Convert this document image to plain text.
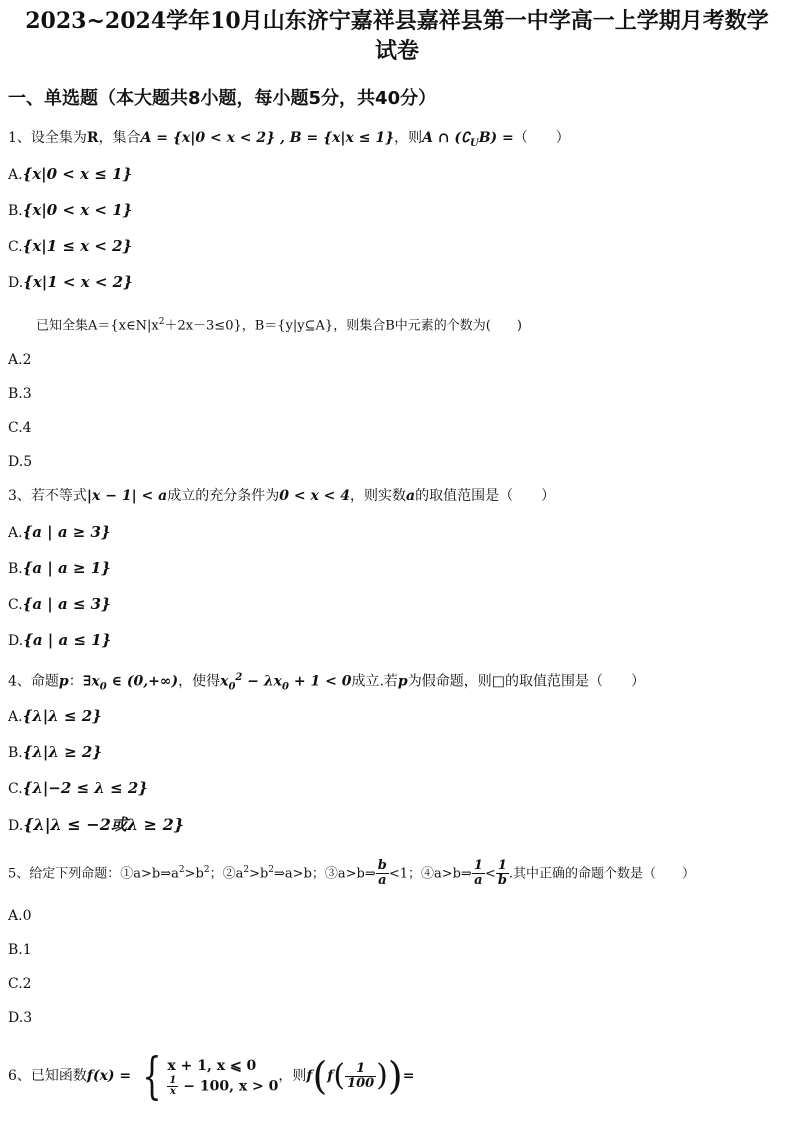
2023~2024学年10月山东济宁嘉祥县嘉祥县第一中学高一上学期月考数学
试卷
一、单选题（本大题共8小题，每小题5分，共40分）
1、设全集为R，集合A = {x|0 < x < 2} , B = {x|x ≤ 1}，则A ∩ $(∁_UB)$ =（　　）
A.{x|0 < x ≤ 1}
B.{x|0 < x < 1}
C.{x|1 ≤ x < 2}
D.{x|1 < x < 2}
已知全集$A=\{x\in N|x^2+2x-3\le 0\}$，B＝{y|y⊆A}，则集合B中元素的个数为(　　)
A.2
B.3
C.4
D.5
3、若不等式|x − 1| < a成立的充分条件为0 < x < 4，则实数a的取值范围是（　　）
A.{a | a ≥ 3}
B.{a | a ≥ 1}
C.{a | a ≤ 3}
D.{a | a ≤ 1}
4、命题p：$\exists x_0$ ∈ (0,+∞)，使得$x_0^2 - \lambda x_0 + 1 < 0$成立.若p为假命题，则□的取值范围是（　　）
A.{λ|λ ≤ 2}
B.{λ|λ ≥ 2}
C.{λ|−2 ≤ λ ≤ 2}
D.{λ|λ ≤ −2或λ ≥ 2}
5、给定下列命题：$①a>b\Rightarrow a^2>b^2$；$②a^2>b^2\Rightarrow a>b$；③a>b⇒ $\frac{b}{a} <1$；④a>b⇒ $\frac{1}{a} < \frac{1}{b}$ .其中正确的命题个数是（　　）
A.0
B.1
C.2
D.3
6、已知函数f(x) = { x + 1, x ⩽ 0
$\frac{1}{x} - 100$, x > 0
，则$f(f( \frac{1}{100}$ ))=
